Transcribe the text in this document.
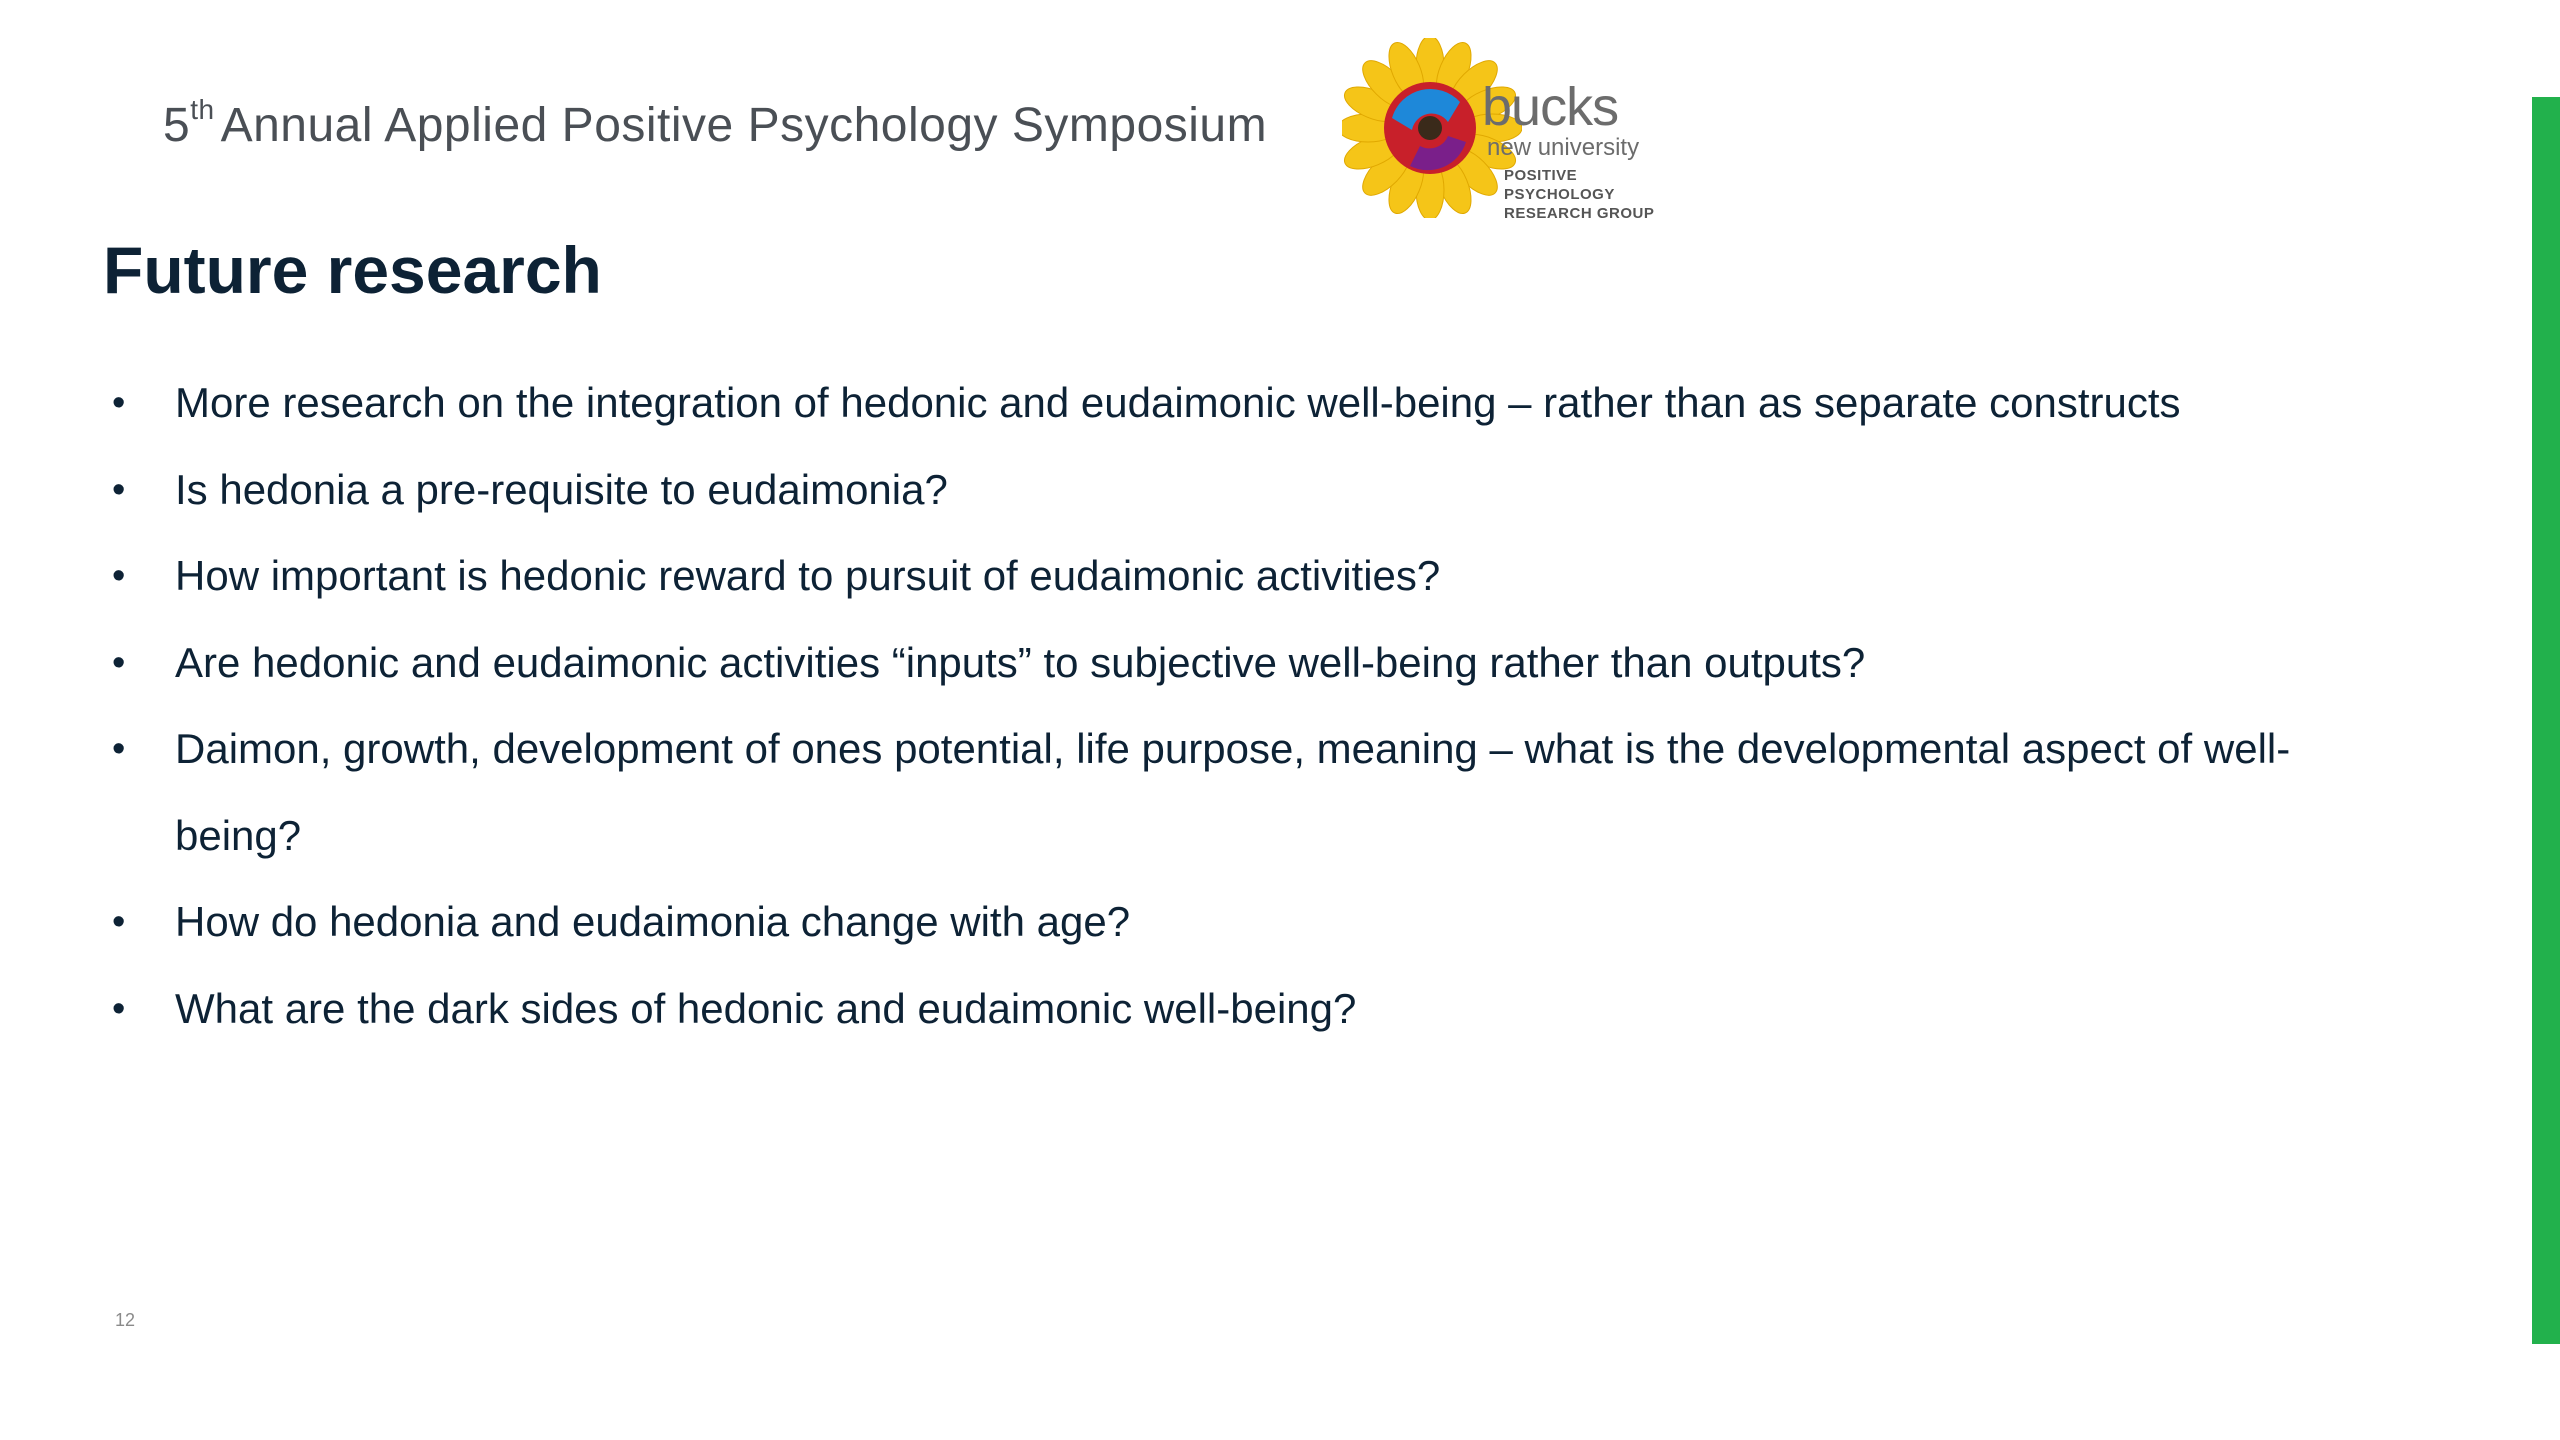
5th Annual Applied Positive Psychology Symposium	bucks
new university
POSITIVE PSYCHOLOGY
RESEARCH GROUP
Future research
• More research on the integration of hedonic and eudaimonic well-being – rather than as separate constructs
• Is hedonia a pre-requisite to eudaimonia?
• How important is hedonic reward to pursuit of eudaimonic activities?
• Are hedonic and eudaimonic activities “inputs” to subjective well-being rather than outputs?
• Daimon, growth, development of ones potential, life purpose, meaning – what is the developmental aspect of well-being?
• How do hedonia and eudaimonia change with age?
• What are the dark sides of hedonic and eudaimonic well-being?
12
